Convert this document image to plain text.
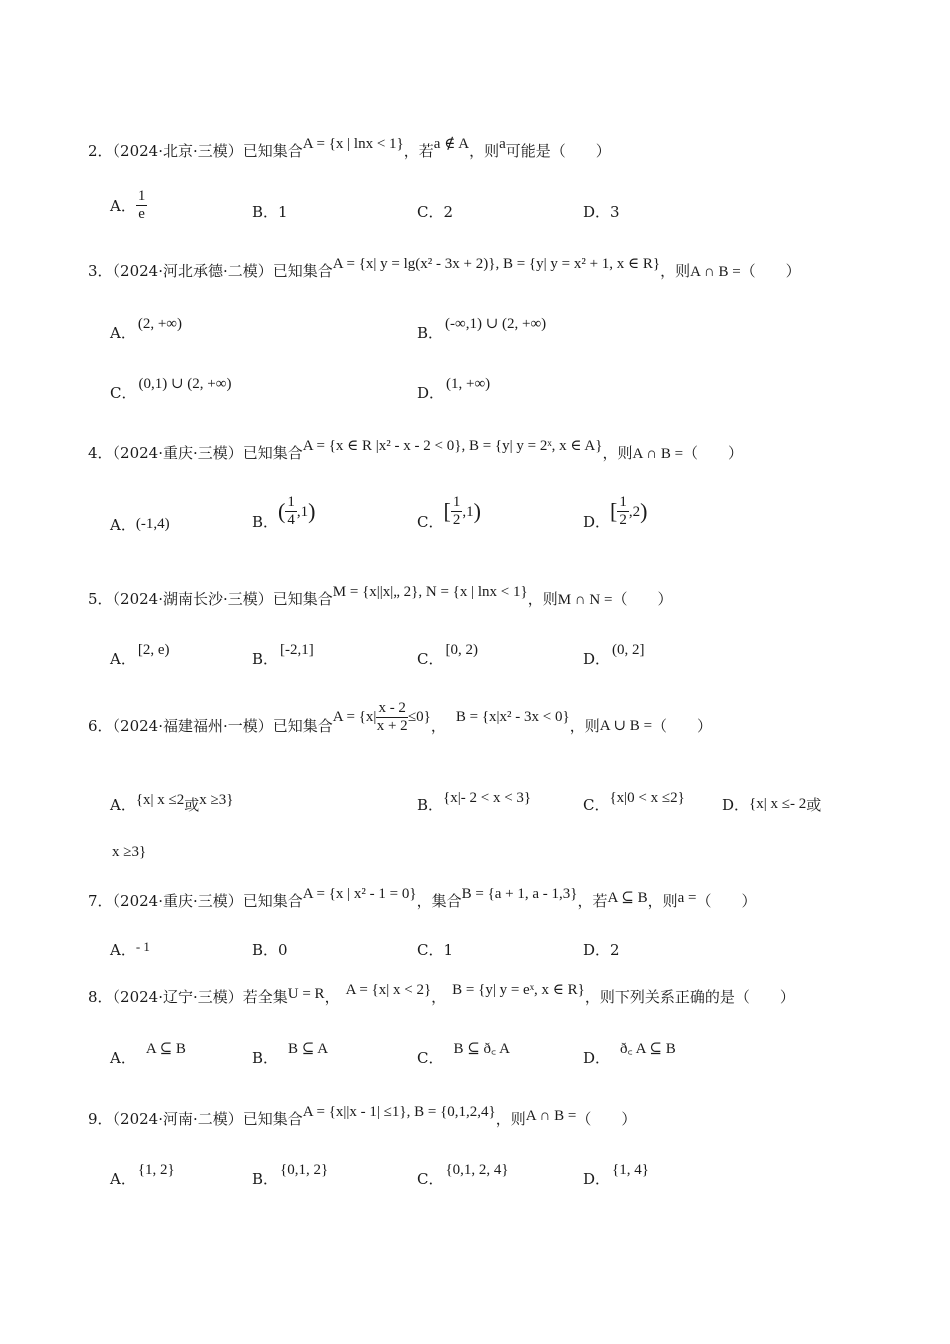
2．（2024·北京·三模）已知集合A = {x | lnx < 1}，若a ∉ A，则a可能是（　　）
A． $\frac{1}{e}$	B．1	C．2	D．3
3．（2024·河北承德·二模）已知集合A = {x| y = lg(x² - 3x + 2)}, B = {y| y = x² + 1, x ∈ R}，则A ∩ B =（　　）
A． (2, +∞)	B． (-∞,1) ∪ (2, +∞)
C． (0,1) ∪ (2, +∞)	D． (1, +∞)
4．（2024·重庆·三模）已知集合A = {x ∈ R |x² - x - 2 < 0}, B = {y| y = 2ˣ, x ∈ A}，则A ∩ B =（　　）
A．(-1,4)	B．( $\frac{1}{4} ,1$)	C．[ $\frac{1}{2} ,1$)	D．[ $\frac{1}{2} ,2$)
5．（2024·湖南长沙·三模）已知集合M = {x||x|„ 2}, N = {x | lnx < 1}，则M ∩ N =（　　）
A． [2, e)	B． [-2,1]	C． [0, 2)	D． (0, 2]
6．（2024·福建福州·一模）已知集合$A = \{x| \frac{x - 2}{x + 2} \le 0\}$， B = {x|x² - 3x < 0}，则A ∪ B =（　　）
A．{x| x ≤2或x ≥3}	B．{x|- 2 < x < 3}	C．{x|0 < x ≤2} D．{x| x ≤- 2或
x ≥3}
7．（2024·重庆·三模）已知集合A = {x | x² - 1 = 0}，集合B = {a + 1, a - 1,3}，若A ⊆ B，则a =（　　）
A．- 1	B．0	C．1	D．2
8．（2024·辽宁·三模）若全集U = R， A = {x| x < 2}， B = {y| y = eˣ, x ∈ R}，则下列关系正确的是（　　）
A． A ⊆ B	B． B ⊆ A	C． B ⊆ ð꜀ A	D． ð꜀ A ⊆ B
9．（2024·河南·二模）已知集合A = {x||x - 1| ≤1}, B = {0,1,2,4}，则A ∩ B =（　　）
A． {1, 2}	B． {0,1, 2}	C． {0,1, 2, 4}	D． {1, 4}
